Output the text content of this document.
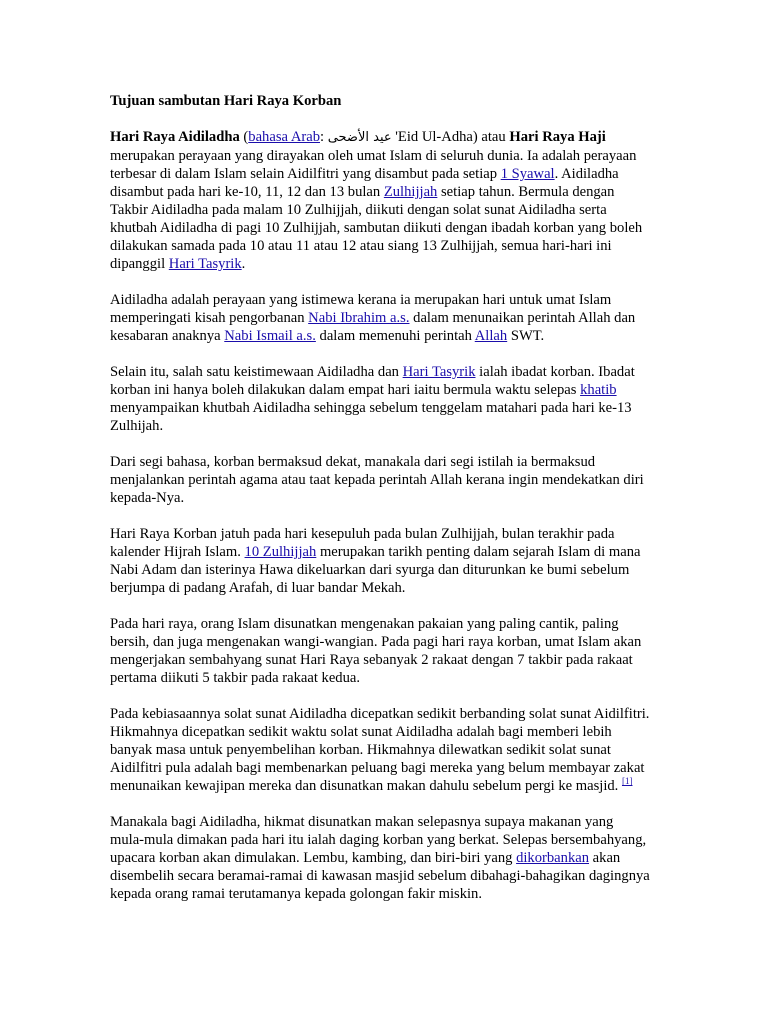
Tujuan sambutan Hari Raya Korban

Hari Raya Aidiladha (bahasa Arab: عيد الأضحى 'Eid Ul-Adha) atau Hari Raya Haji merupakan perayaan yang dirayakan oleh umat Islam di seluruh dunia. Ia adalah perayaan terbesar di dalam Islam selain Aidilfitri yang disambut pada setiap 1 Syawal. Aidiladha disambut pada hari ke-10, 11, 12 dan 13 bulan Zulhijjah setiap tahun. Bermula dengan Takbir Aidiladha pada malam 10 Zulhijjah, diikuti dengan solat sunat Aidiladha serta khutbah Aidiladha di pagi 10 Zulhijjah, sambutan diikuti dengan ibadah korban yang boleh dilakukan samada pada 10 atau 11 atau 12 atau siang 13 Zulhijjah, semua hari-hari ini dipanggil Hari Tasyrik.

Aidiladha adalah perayaan yang istimewa kerana ia merupakan hari untuk umat Islam memperingati kisah pengorbanan Nabi Ibrahim a.s. dalam menunaikan perintah Allah dan kesabaran anaknya Nabi Ismail a.s. dalam memenuhi perintah Allah SWT.

Selain itu, salah satu keistimewaan Aidiladha dan Hari Tasyrik ialah ibadat korban. Ibadat korban ini hanya boleh dilakukan dalam empat hari iaitu bermula waktu selepas khatib menyampaikan khutbah Aidiladha sehingga sebelum tenggelam matahari pada hari ke-13 Zulhijah.

Dari segi bahasa, korban bermaksud dekat, manakala dari segi istilah ia bermaksud menjalankan perintah agama atau taat kepada perintah Allah kerana ingin mendekatkan diri kepada-Nya.

Hari Raya Korban jatuh pada hari kesepuluh pada bulan Zulhijjah, bulan terakhir pada kalender Hijrah Islam. 10 Zulhijjah merupakan tarikh penting dalam sejarah Islam di mana Nabi Adam dan isterinya Hawa dikeluarkan dari syurga dan diturunkan ke bumi sebelum berjumpa di padang Arafah, di luar bandar Mekah.

Pada hari raya, orang Islam disunatkan mengenakan pakaian yang paling cantik, paling bersih, dan juga mengenakan wangi-wangian. Pada pagi hari raya korban, umat Islam akan mengerjakan sembahyang sunat Hari Raya sebanyak 2 rakaat dengan 7 takbir pada rakaat pertama diikuti 5 takbir pada rakaat kedua.

Pada kebiasaannya solat sunat Aidiladha dicepatkan sedikit berbanding solat sunat Aidilfitri. Hikmahnya dicepatkan sedikit waktu solat sunat Aidiladha adalah bagi memberi lebih banyak masa untuk penyembelihan korban. Hikmahnya dilewatkan sedikit solat sunat Aidilfitri pula adalah bagi membenarkan peluang bagi mereka yang belum membayar zakat menunaikan kewajipan mereka dan disunatkan makan dahulu sebelum pergi ke masjid. [1]

Manakala bagi Aidiladha, hikmat disunatkan makan selepasnya supaya makanan yang mula-mula dimakan pada hari itu ialah daging korban yang berkat. Selepas bersembahyang, upacara korban akan dimulakan. Lembu, kambing, dan biri-biri yang dikorbankan akan disembelih secara beramai-ramai di kawasan masjid sebelum dibahagi-bahagikan dagingnya kepada orang ramai terutamanya kepada golongan fakir miskin.
